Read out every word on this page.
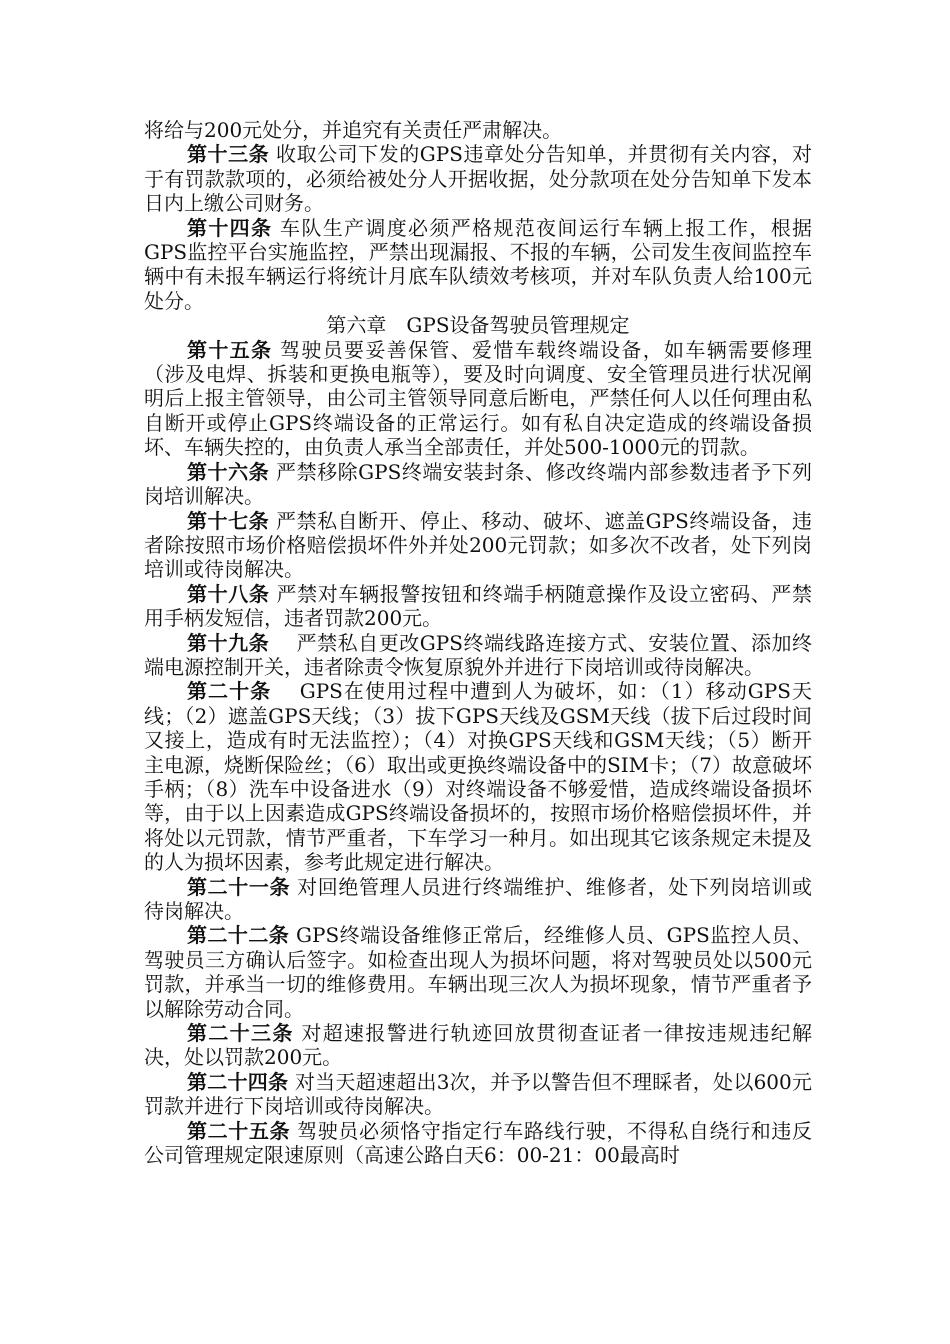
将给与200元处分，并追究有关责任严肃解决。

第十三条 收取公司下发的GPS违章处分告知单，并贯彻有关内容，对于有罚款款项的，必须给被处分人开据收据，处分款项在处分告知单下发本日内上缴公司财务。

第十四条 车队生产调度必须严格规范夜间运行车辆上报工作，根据GPS监控平台实施监控，严禁出现漏报、不报的车辆，公司发生夜间监控车辆中有未报车辆运行将统计月底车队绩效考核项，并对车队负责人给100元处分。

第六章　GPS设备驾驶员管理规定

第十五条 驾驶员要妥善保管、爱惜车载终端设备，如车辆需要修理（涉及电焊、拆装和更换电瓶等），要及时向调度、安全管理员进行状况阐明后上报主管领导，由公司主管领导同意后断电，严禁任何人以任何理由私自断开或停止GPS终端设备的正常运行。如有私自决定造成的终端设备损坏、车辆失控的，由负责人承当全部责任，并处500-1000元的罚款。

第十六条 严禁移除GPS终端安装封条、修改终端内部参数违者予下列岗培训解决。

第十七条 严禁私自断开、停止、移动、破坏、遮盖GPS终端设备，违者除按照市场价格赔偿损坏件外并处200元罚款；如多次不改者，处下列岗培训或待岗解决。

第十八条 严禁对车辆报警按钮和终端手柄随意操作及设立密码、严禁用手柄发短信，违者罚款200元。

第十九条 　严禁私自更改GPS终端线路连接方式、安装位置、添加终端电源控制开关，违者除责令恢复原貌外并进行下岗培训或待岗解决。

第二十条 　GPS在使用过程中遭到人为破坏，如：（1）移动GPS天线；（2）遮盖GPS天线；（3）拔下GPS天线及GSM天线（拔下后过段时间又接上，造成有时无法监控）；（4）对换GPS天线和GSM天线；（5）断开主电源，烧断保险丝；（6）取出或更换终端设备中的SIM卡；（7）故意破坏手柄；（8）洗车中设备进水（9）对终端设备不够爱惜，造成终端设备损坏等，由于以上因素造成GPS终端设备损坏的，按照市场价格赔偿损坏件，并将处以元罚款，情节严重者，下车学习一种月。如出现其它该条规定未提及的人为损坏因素，参考此规定进行解决。

第二十一条 对回绝管理人员进行终端维护、维修者，处下列岗培训或待岗解决。

第二十二条 GPS终端设备维修正常后，经维修人员、GPS监控人员、驾驶员三方确认后签字。如检查出现人为损坏问题，将对驾驶员处以500元罚款，并承当一切的维修费用。车辆出现三次人为损坏现象，情节严重者予以解除劳动合同。

第二十三条 对超速报警进行轨迹回放贯彻查证者一律按违规违纪解决，处以罚款200元。

第二十四条 对当天超速超出3次，并予以警告但不理睬者，处以600元罚款并进行下岗培训或待岗解决。

第二十五条 驾驶员必须恪守指定行车路线行驶，不得私自绕行和违反公司管理规定限速原则（高速公路白天6：00-21：00最高时
